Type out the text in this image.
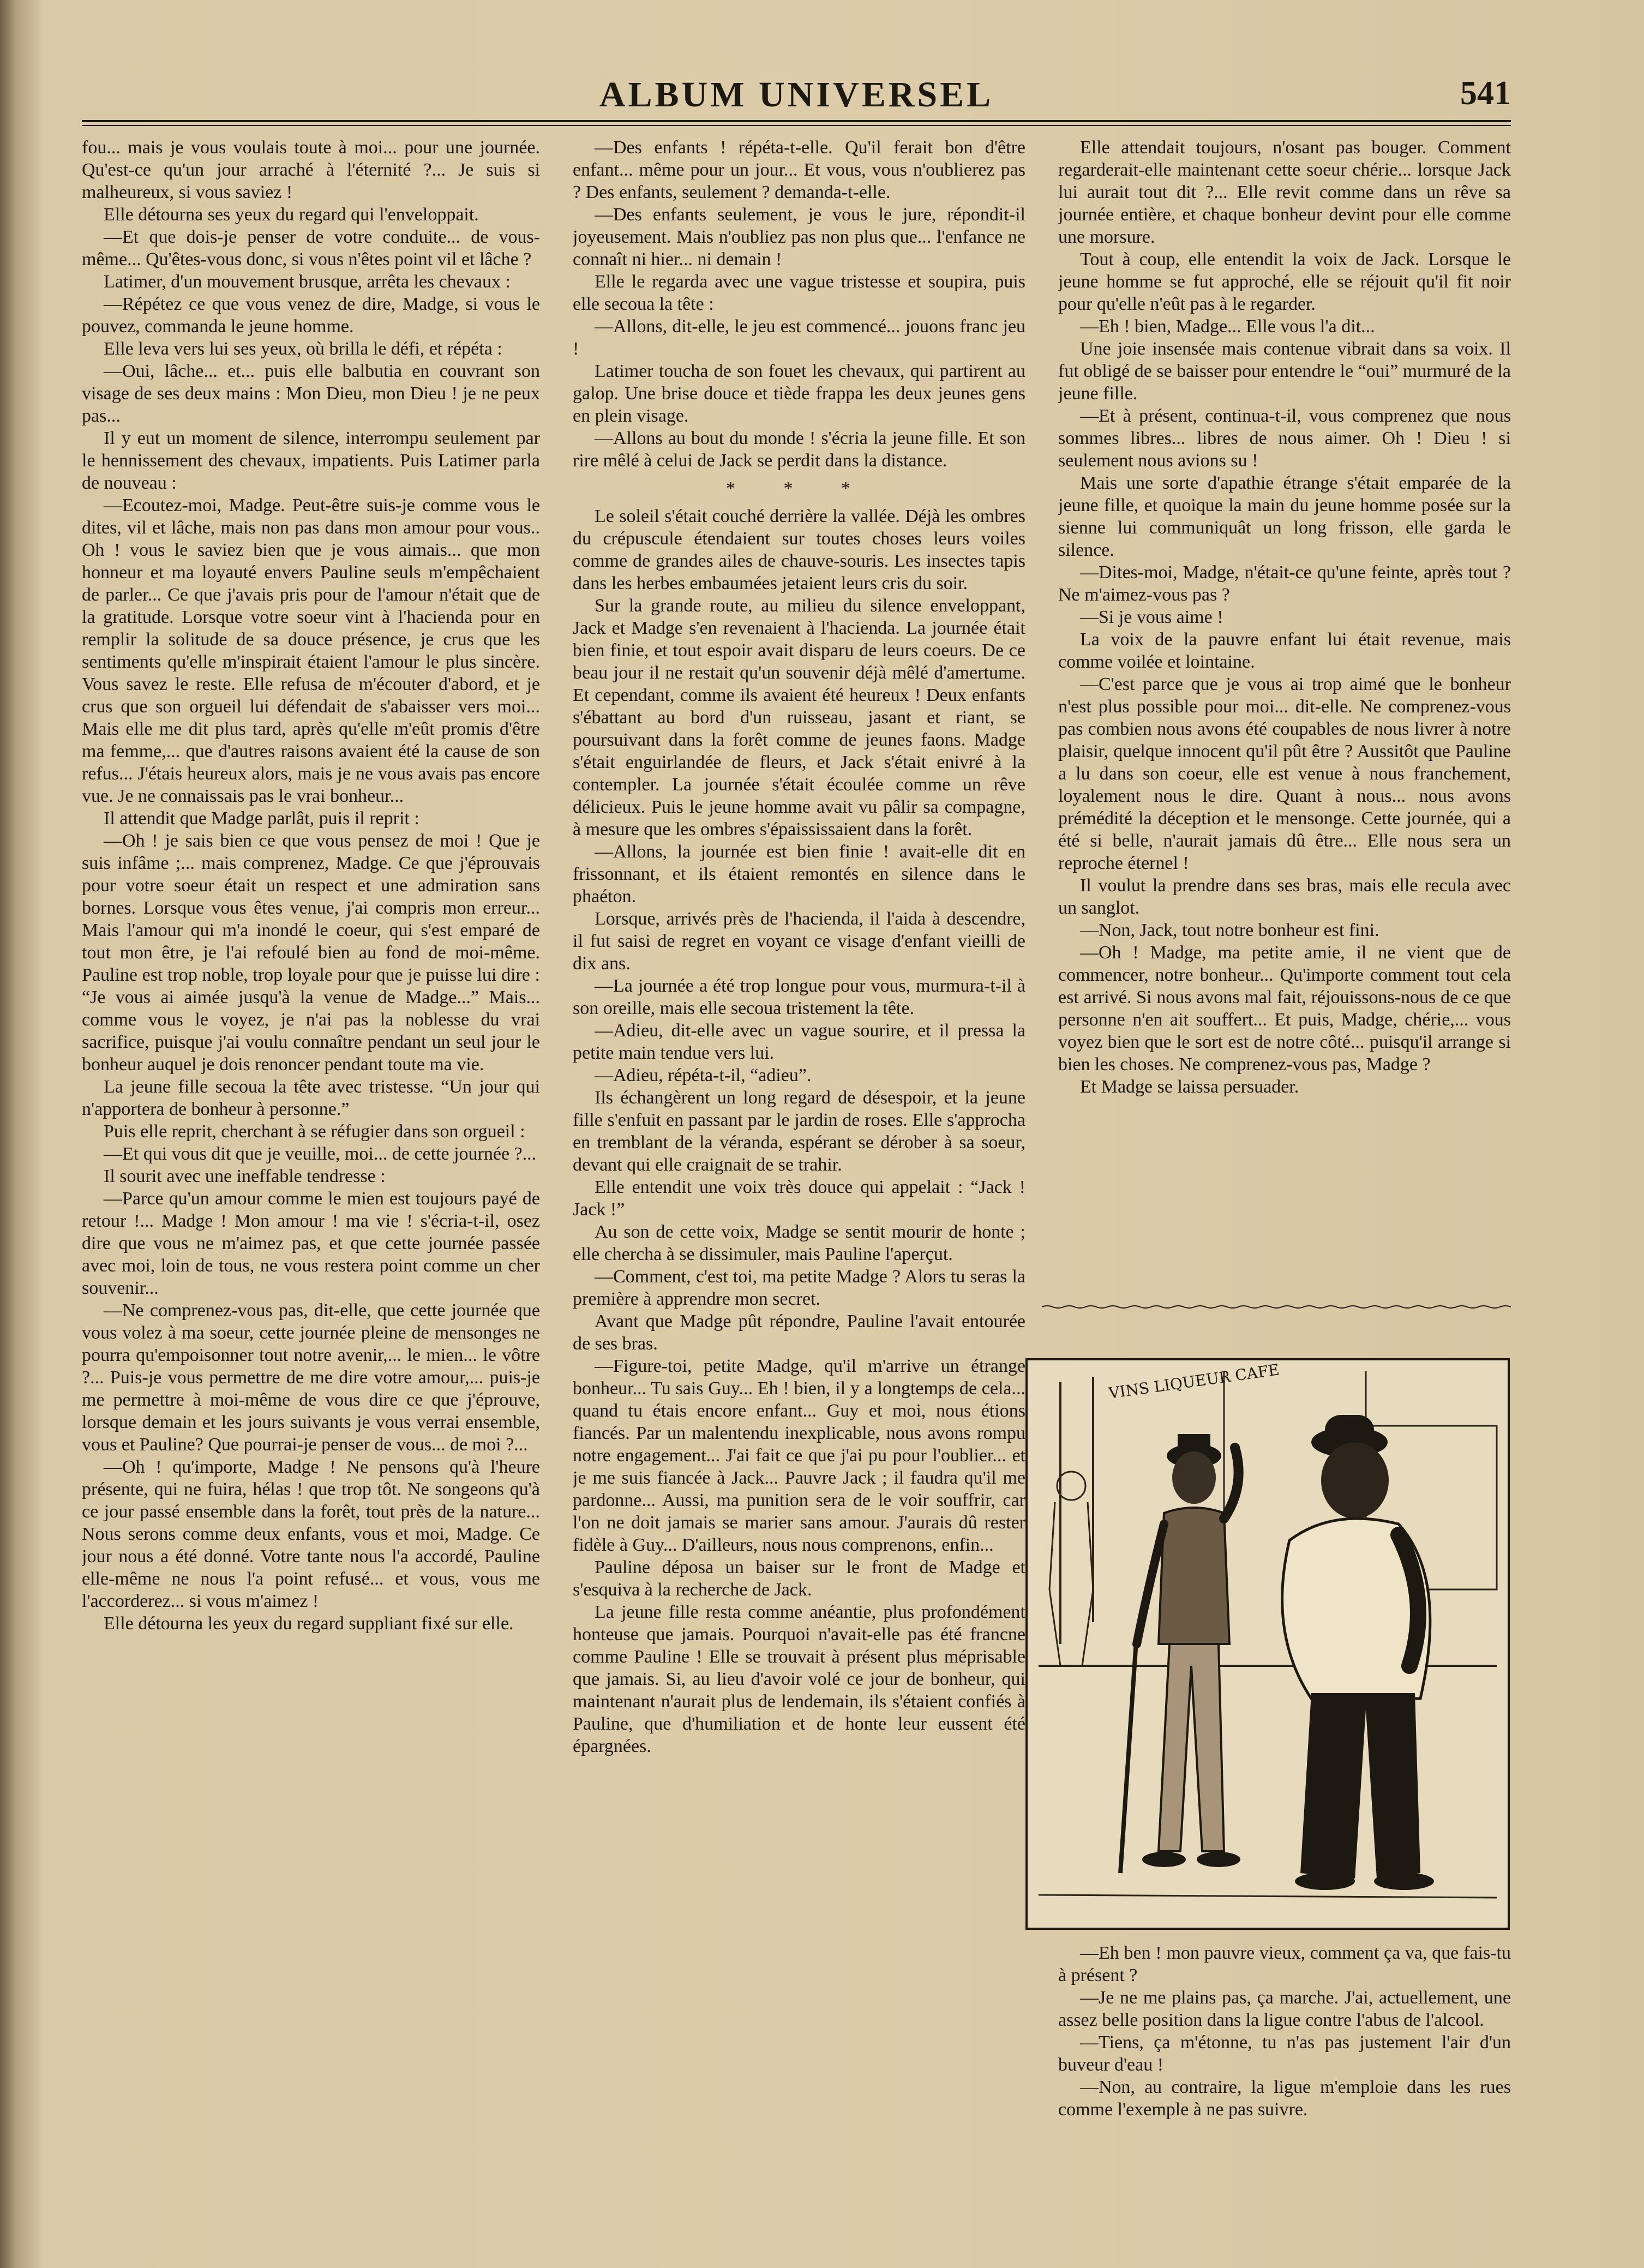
ALBUM UNIVERSEL	541

fou... mais je vous voulais toute à moi... pour une journée. Qu'est-ce qu'un jour arraché à l'éternité ?... Je suis si malheureux, si vous saviez !

Elle détourna ses yeux du regard qui l'enveloppait.

—Et que dois-je penser de votre conduite... de vous-même... Qu'êtes-vous donc, si vous n'êtes point vil et lâche ?

Latimer, d'un mouvement brusque, arrêta les chevaux :

—Répétez ce que vous venez de dire, Madge, si vous le pouvez, commanda le jeune homme.

Elle leva vers lui ses yeux, où brilla le défi, et répéta :

—Oui, lâche... et... puis elle balbutia en couvrant son visage de ses deux mains : Mon Dieu, mon Dieu ! je ne peux pas...

Il y eut un moment de silence, interrompu seulement par le hennissement des chevaux, impatients. Puis Latimer parla de nouveau :

—Ecoutez-moi, Madge. Peut-être suis-je comme vous le dites, vil et lâche, mais non pas dans mon amour pour vous.. Oh ! vous le saviez bien que je vous aimais... que mon honneur et ma loyauté envers Pauline seuls m'empêchaient de parler... Ce que j'avais pris pour de l'amour n'était que de la gratitude. Lorsque votre soeur vint à l'hacienda pour en remplir la solitude de sa douce présence, je crus que les sentiments qu'elle m'inspirait étaient l'amour le plus sincère. Vous savez le reste. Elle refusa de m'écouter d'abord, et je crus que son orgueil lui défendait de s'abaisser vers moi... Mais elle me dit plus tard, après qu'elle m'eût promis d'être ma femme,... que d'autres raisons avaient été la cause de son refus... J'étais heureux alors, mais je ne vous avais pas encore vue. Je ne connaissais pas le vrai bonheur...

Il attendit que Madge parlât, puis il reprit :

—Oh ! je sais bien ce que vous pensez de moi ! Que je suis infâme ;... mais comprenez, Madge. Ce que j'éprouvais pour votre soeur était un respect et une admiration sans bornes. Lorsque vous êtes venue, j'ai compris mon erreur... Mais l'amour qui m'a inondé le coeur, qui s'est emparé de tout mon être, je l'ai refoulé bien au fond de moi-même. Pauline est trop noble, trop loyale pour que je puisse lui dire : “Je vous ai aimée jusqu'à la venue de Madge...” Mais... comme vous le voyez, je n'ai pas la noblesse du vrai sacrifice, puisque j'ai voulu connaître pendant un seul jour le bonheur auquel je dois renoncer pendant toute ma vie.

La jeune fille secoua la tête avec tristesse. “Un jour qui n'apportera de bonheur à personne.”

Puis elle reprit, cherchant à se réfugier dans son orgueil :

—Et qui vous dit que je veuille, moi... de cette journée ?...

Il sourit avec une ineffable tendresse :

—Parce qu'un amour comme le mien est toujours payé de retour !... Madge ! Mon amour ! ma vie ! s'écria-t-il, osez dire que vous ne m'aimez pas, et que cette journée passée avec moi, loin de tous, ne vous restera point comme un cher souvenir...

—Ne comprenez-vous pas, dit-elle, que cette journée que vous volez à ma soeur, cette journée pleine de mensonges ne pourra qu'empoisonner tout notre avenir,... le mien... le vôtre ?... Puis-je vous permettre de me dire votre amour,... puis-je me permettre à moi-même de vous dire ce que j'éprouve, lorsque demain et les jours suivants je vous verrai ensemble, vous et Pauline? Que pourrai-je penser de vous... de moi ?...

—Oh ! qu'importe, Madge ! Ne pensons qu'à l'heure présente, qui ne fuira, hélas ! que trop tôt. Ne songeons qu'à ce jour passé ensemble dans la forêt, tout près de la nature... Nous serons comme deux enfants, vous et moi, Madge. Ce jour nous a été donné. Votre tante nous l'a accordé, Pauline elle-même ne nous l'a point refusé... et vous, vous me l'accorderez... si vous m'aimez !

Elle détourna les yeux du regard suppliant fixé sur elle.

—Des enfants ! répéta-t-elle. Qu'il ferait bon d'être enfant... même pour un jour... Et vous, vous n'oublierez pas ? Des enfants, seulement ? demanda-t-elle.

—Des enfants seulement, je vous le jure, répondit-il joyeusement. Mais n'oubliez pas non plus que... l'enfance ne connaît ni hier... ni demain !

Elle le regarda avec une vague tristesse et soupira, puis elle secoua la tête :

—Allons, dit-elle, le jeu est commencé... jouons franc jeu !

Latimer toucha de son fouet les chevaux, qui partirent au galop. Une brise douce et tiède frappa les deux jeunes gens en plein visage.

—Allons au bout du monde ! s'écria la jeune fille. Et son rire mêlé à celui de Jack se perdit dans la distance.

* * *

Le soleil s'était couché derrière la vallée. Déjà les ombres du crépuscule étendaient sur toutes choses leurs voiles comme de grandes ailes de chauve-souris. Les insectes tapis dans les herbes embaumées jetaient leurs cris du soir.

Sur la grande route, au milieu du silence enveloppant, Jack et Madge s'en revenaient à l'hacienda. La journée était bien finie, et tout espoir avait disparu de leurs coeurs. De ce beau jour il ne restait qu'un souvenir déjà mêlé d'amertume. Et cependant, comme ils avaient été heureux ! Deux enfants s'ébattant au bord d'un ruisseau, jasant et riant, se poursuivant dans la forêt comme de jeunes faons. Madge s'était enguirlandée de fleurs, et Jack s'était enivré à la contempler. La journée s'était écoulée comme un rêve délicieux. Puis le jeune homme avait vu pâlir sa compagne, à mesure que les ombres s'épaississaient dans la forêt.

—Allons, la journée est bien finie ! avait-elle dit en frissonnant, et ils étaient remontés en silence dans le phaéton.

Lorsque, arrivés près de l'hacienda, il l'aida à descendre, il fut saisi de regret en voyant ce visage d'enfant vieilli de dix ans.

—La journée a été trop longue pour vous, murmura-t-il à son oreille, mais elle secoua tristement la tête.

—Adieu, dit-elle avec un vague sourire, et il pressa la petite main tendue vers lui.

—Adieu, répéta-t-il, “adieu”.

Ils échangèrent un long regard de désespoir, et la jeune fille s'enfuit en passant par le jardin de roses. Elle s'approcha en tremblant de la véranda, espérant se dérober à sa soeur, devant qui elle craignait de se trahir.

Elle entendit une voix très douce qui appelait : “Jack ! Jack !”

Au son de cette voix, Madge se sentit mourir de honte ; elle chercha à se dissimuler, mais Pauline l'aperçut.

—Comment, c'est toi, ma petite Madge ? Alors tu seras la première à apprendre mon secret.

Avant que Madge pût répondre, Pauline l'avait entourée de ses bras.

—Figure-toi, petite Madge, qu'il m'arrive un étrange bonheur... Tu sais Guy... Eh ! bien, il y a longtemps de cela... quand tu étais encore enfant... Guy et moi, nous étions fiancés. Par un malentendu inexplicable, nous avons rompu notre engagement... J'ai fait ce que j'ai pu pour l'oublier... et je me suis fiancée à Jack... Pauvre Jack ; il faudra qu'il me pardonne... Aussi, ma punition sera de le voir souffrir, car l'on ne doit jamais se marier sans amour. J'aurais dû rester fidèle à Guy... D'ailleurs, nous nous comprenons, enfin...

Pauline déposa un baiser sur le front de Madge et s'esquiva à la recherche de Jack.

La jeune fille resta comme anéantie, plus profondément honteuse que jamais. Pourquoi n'avait-elle pas été francne comme Pauline ! Elle se trouvait à présent plus méprisable que jamais. Si, au lieu d'avoir volé ce jour de bonheur, qui maintenant n'aurait plus de lendemain, ils s'étaient confiés à Pauline, que d'humiliation et de honte leur eussent été épargnées.

Elle attendait toujours, n'osant pas bouger. Comment regarderait-elle maintenant cette soeur chérie... lorsque Jack lui aurait tout dit ?... Elle revit comme dans un rêve sa journée entière, et chaque bonheur devint pour elle comme une morsure.

Tout à coup, elle entendit la voix de Jack. Lorsque le jeune homme se fut approché, elle se réjouit qu'il fit noir pour qu'elle n'eût pas à le regarder.

—Eh ! bien, Madge... Elle vous l'a dit...

Une joie insensée mais contenue vibrait dans sa voix. Il fut obligé de se baisser pour entendre le “oui” murmuré de la jeune fille.

—Et à présent, continua-t-il, vous comprenez que nous sommes libres... libres de nous aimer. Oh ! Dieu ! si seulement nous avions su !

Mais une sorte d'apathie étrange s'était emparée de la jeune fille, et quoique la main du jeune homme posée sur la sienne lui communiquât un long frisson, elle garda le silence.

—Dites-moi, Madge, n'était-ce qu'une feinte, après tout ? Ne m'aimez-vous pas ?

—Si je vous aime !

La voix de la pauvre enfant lui était revenue, mais comme voilée et lointaine.

—C'est parce que je vous ai trop aimé que le bonheur n'est plus possible pour moi... dit-elle. Ne comprenez-vous pas combien nous avons été coupables de nous livrer à notre plaisir, quelque innocent qu'il pût être ? Aussitôt que Pauline a lu dans son coeur, elle est venue à nous franchement, loyalement nous le dire. Quant à nous... nous avons prémédité la déception et le mensonge. Cette journée, qui a été si belle, n'aurait jamais dû être... Elle nous sera un reproche éternel !

Il voulut la prendre dans ses bras, mais elle recula avec un sanglot.

—Non, Jack, tout notre bonheur est fini.

—Oh ! Madge, ma petite amie, il ne vient que de commencer, notre bonheur... Qu'importe comment tout cela est arrivé. Si nous avons mal fait, réjouissons-nous de ce que personne n'en ait souffert... Et puis, Madge, chérie,... vous voyez bien que le sort est de notre côté... puisqu'il arrange si bien les choses. Ne comprenez-vous pas, Madge ?

Et Madge se laissa persuader.

VINS LIQUEUR CAFE

—Eh ben ! mon pauvre vieux, comment ça va, que fais-tu à présent ?

—Je ne me plains pas, ça marche. J'ai, actuellement, une assez belle position dans la ligue contre l'abus de l'alcool.

—Tiens, ça m'étonne, tu n'as pas justement l'air d'un buveur d'eau !

—Non, au contraire, la ligue m'emploie dans les rues comme l'exemple à ne pas suivre.
